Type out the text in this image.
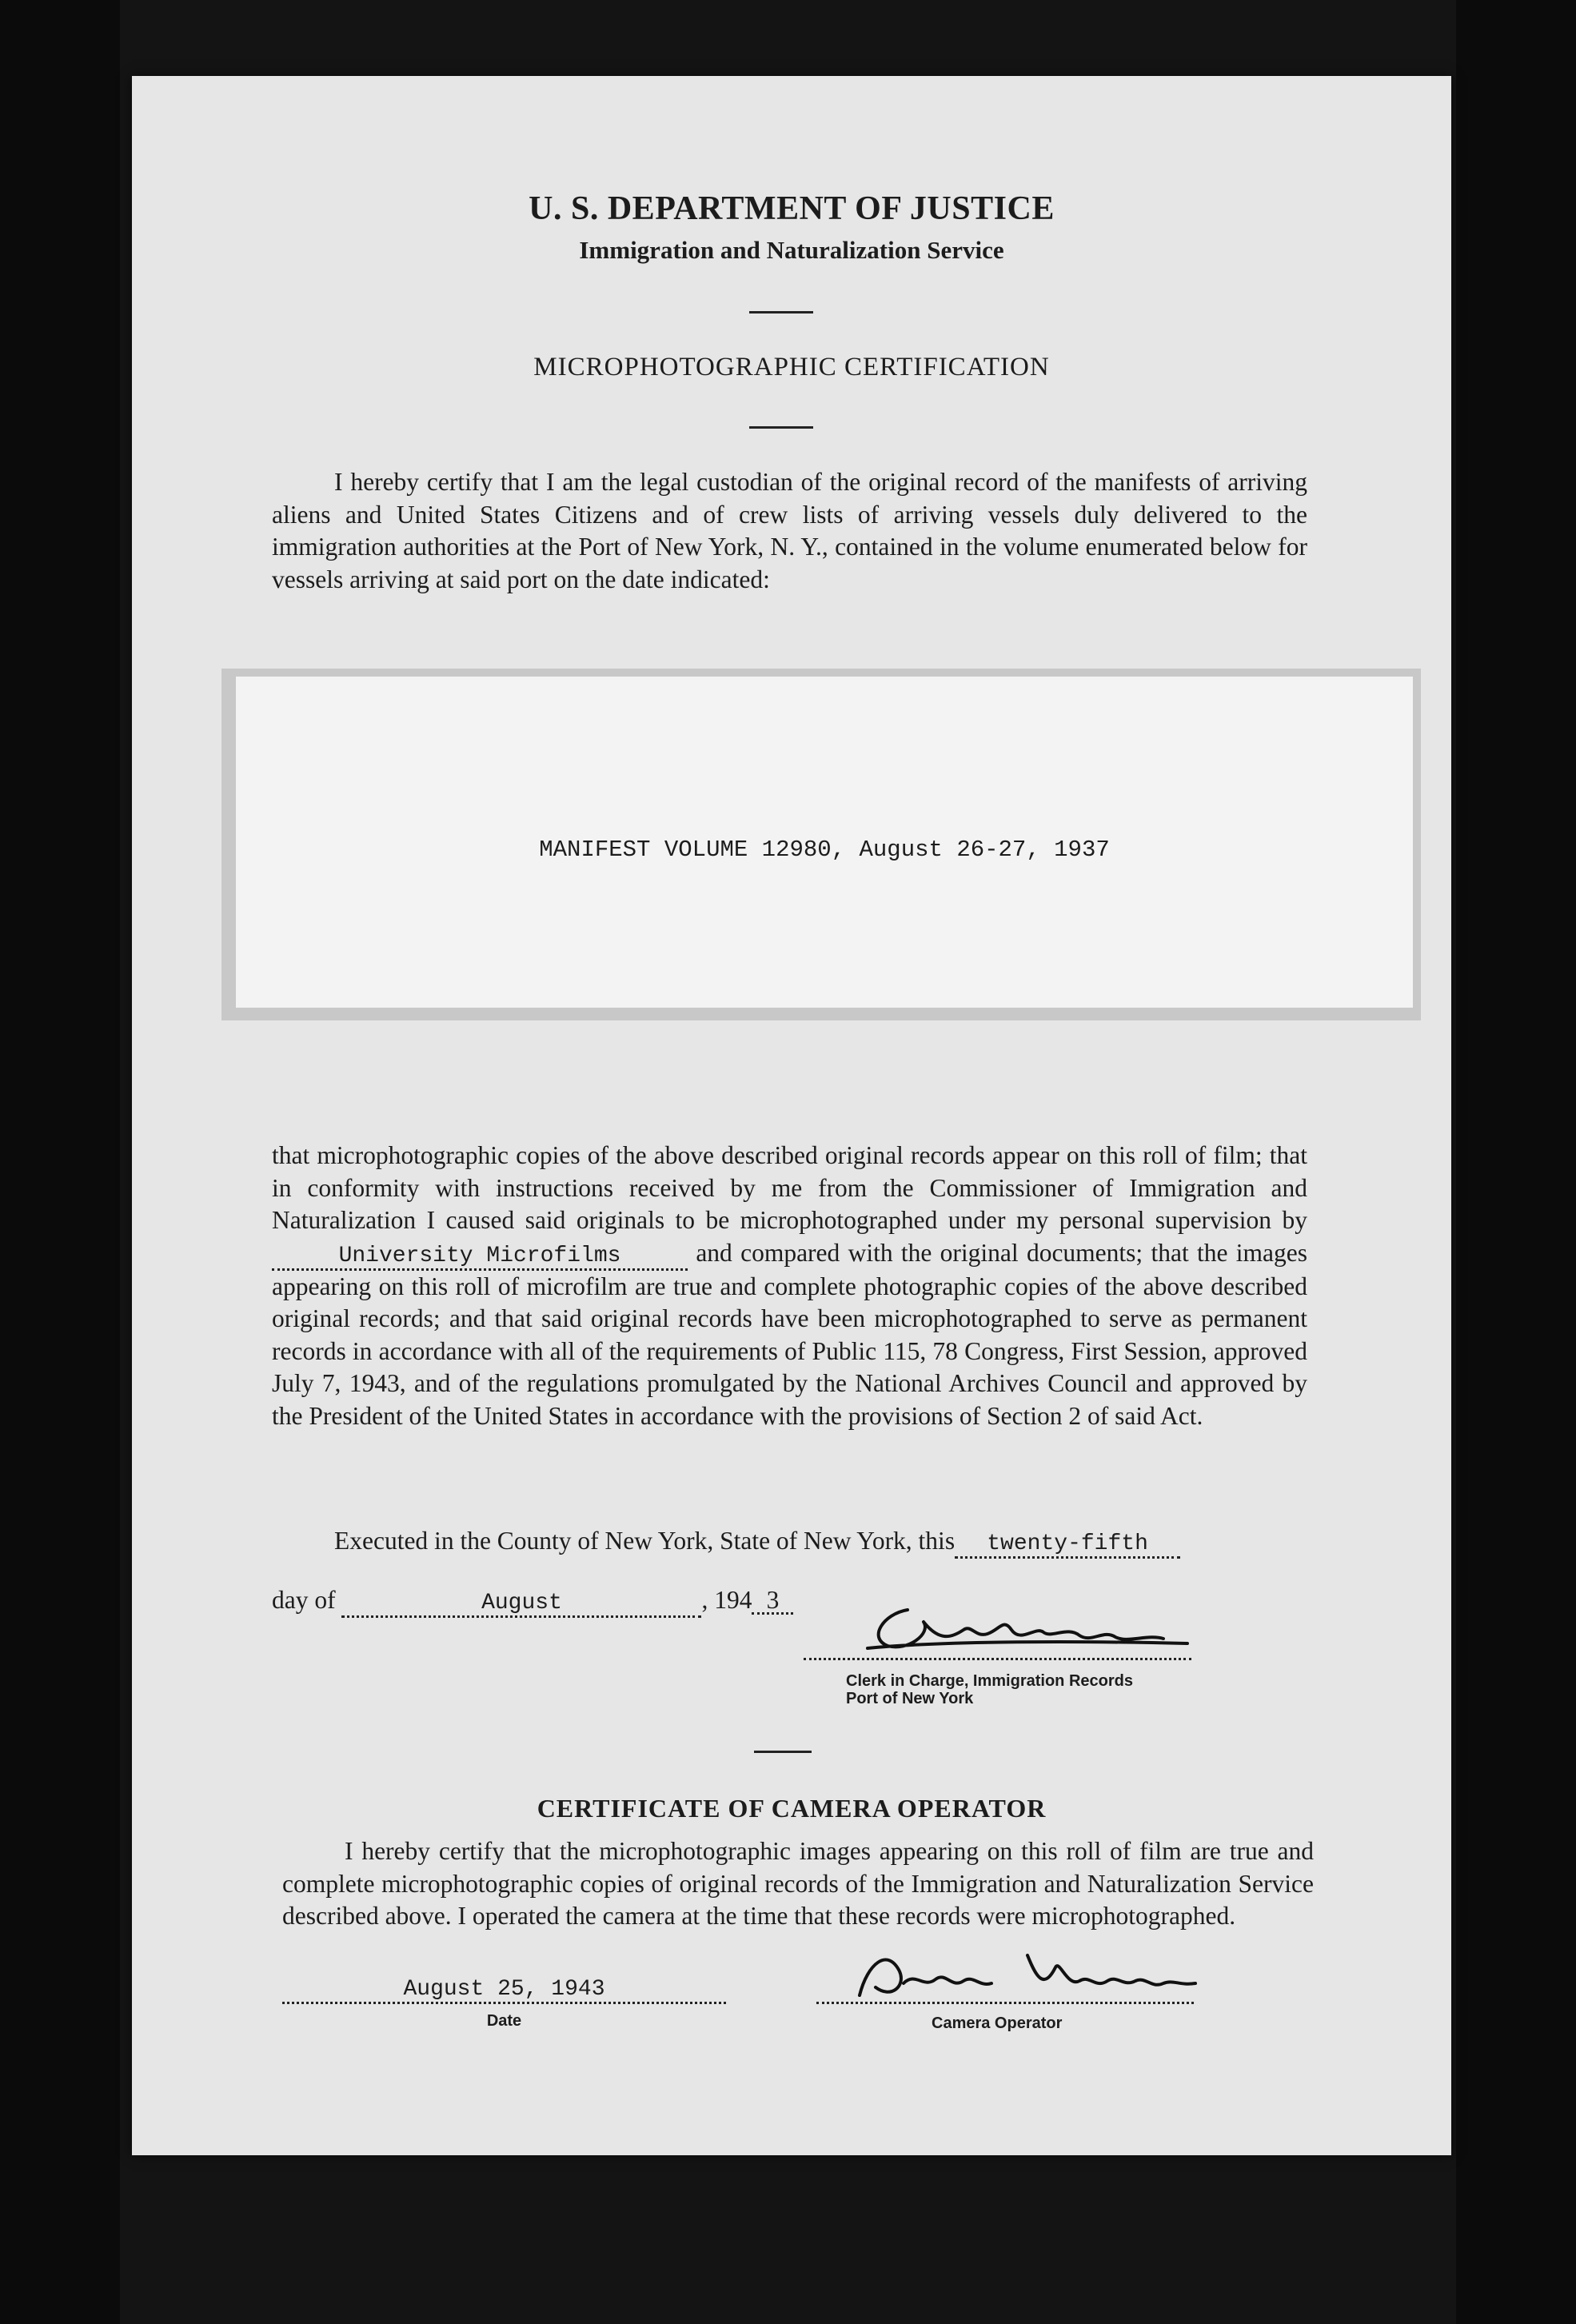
U. S. DEPARTMENT OF JUSTICE
Immigration and Naturalization Service
MICROPHOTOGRAPHIC CERTIFICATION
I hereby certify that I am the legal custodian of the original record of the manifests of arriving aliens and United States Citizens and of crew lists of arriving vessels duly delivered to the immigration authorities at the Port of New York, N. Y., contained in the volume enumerated below for vessels arriving at said port on the date indicated:
MANIFEST VOLUME 12980, August 26-27, 1937
that microphotographic copies of the above described original records appear on this roll of film; that in conformity with instructions received by me from the Commissioner of Immigration and Naturalization I caused said originals to be microphotographed under my personal supervision by University Microfilms	and compared with the original documents; that the images appearing on this roll of microfilm are true and complete photographic copies of the above described original records; and that said original records have been microphotographed to serve as permanent records in accordance with all of the requirements of Public 115, 78 Congress, First Session, approved July 7, 1943, and of the regulations promulgated by the National Archives Council and approved by the President of the United States in accordance with the provisions of Section 2 of said Act.
Executed in the County of New York, State of New York, this twenty-fifth
day of	August	, 194 3
Clerk in Charge, Immigration Records
Port of New York
CERTIFICATE OF CAMERA OPERATOR
I hereby certify that the microphotographic images appearing on this roll of film are true and complete microphotographic copies of original records of the Immigration and Naturalization Service described above. I operated the camera at the time that these records were microphotographed.
August 25, 1943
Date	Camera Operator
